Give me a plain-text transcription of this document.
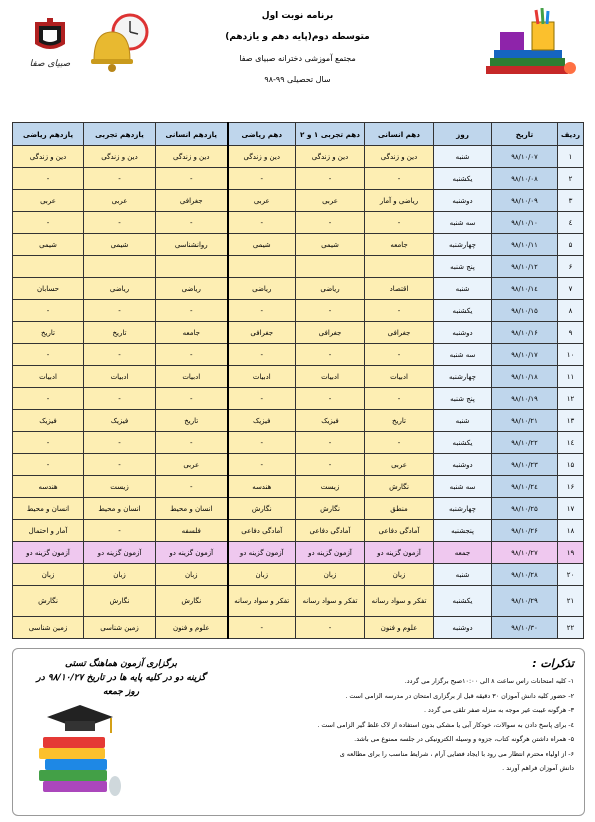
صبیای صفا
برنامه نوبت اول
متوسطه دوم(پایه دهم و یازدهم)
مجتمع آموزشی دخترانه صبیای صفا
سال تحصیلی ۹۹-۹۸
ردیف	تاریخ	روز	دهم انسانی	دهم تجربی ۱ و ۲	دهم ریاضی	یازدهم انسانی	یازدهم تجربی	یازدهم ریاضی
۱	۹۸/۱۰/۰۷	شنبه	دین و زندگی	دین و زندگی	دین و زندگی	دین و زندگی	دین و زندگی	دین و زندگی
۲	۹۸/۱۰/۰۸	یکشنبه	-	-	-	-	-	-
۳	۹۸/۱۰/۰۹	دوشنبه	ریاضی و آمار	عربی	عربی	جغرافی	عربی	عربی
٤	۹۸/۱۰/۱۰	سه شنبه	-	-	-	-	-	-
۵	۹۸/۱۰/۱۱	چهارشنبه	جامعه	شیمی	شیمی	روانشناسی	شیمی	شیمی
۶	۹۸/۱۰/۱۲	پنج شنبه						
۷	۹۸/۱۰/۱٤	شنبه	اقتصاد	ریاضی	ریاضی	ریاضی	ریاضی	حسابان
۸	۹۸/۱۰/۱۵	یکشنبه	-	-	-	-	-	-
۹	۹۸/۱۰/۱۶	دوشنبه	جغرافی	جغرافی	جغرافی	جامعه	تاریخ	تاریخ
۱۰	۹۸/۱۰/۱۷	سه شنبه	-	-	-	-	-	-
۱۱	۹۸/۱۰/۱۸	چهارشنبه	ادبیات	ادبیات	ادبیات	ادبیات	ادبیات	ادبیات
۱۲	۹۸/۱۰/۱۹	پنج شنبه	-	-	-	-	-	-
۱۳	۹۸/۱۰/۲۱	شنبه	تاریخ	فیزیک	فیزیک	تاریخ	فیزیک	فیزیک
۱٤	۹۸/۱۰/۲۲	یکشنبه	-	-	-	-	-	-
۱۵	۹۸/۱۰/۲۳	دوشنبه	عربی	-	-	عربی	-	-
۱۶	۹۸/۱۰/۲٤	سه شنبه	نگارش	زیست	هندسه	-	زیست	هندسه
۱۷	۹۸/۱۰/۲۵	چهارشنبه	منطق	نگارش	نگارش	انسان و محیط	انسان و محیط	انسان و محیط
۱۸	۹۸/۱۰/۲۶	پنجشنبه	آمادگی دفاعی	آمادگی دفاعی	آمادگی دفاعی	فلسفه	-	آمار و احتمال
۱۹	۹۸/۱۰/۲۷	جمعه	آزمون گزینه دو	آزمون گزینه دو	آزمون گزینه دو	آزمون گزینه دو	آزمون گزینه دو	آزمون گزینه دو
۲۰	۹۸/۱۰/۲۸	شنبه	زبان	زبان	زبان	زبان	زبان	زبان
۲۱	۹۸/۱۰/۲۹	یکشنبه	تفکر و سواد رسانه	تفکر و سواد رسانه	تفکر و سواد رسانه	نگارش	نگارش	نگارش
۲۲	۹۸/۱۰/۳۰	دوشنبه	علوم و فنون	-	-	علوم و فنون	زمین شناسی	زمین شناسی
تذکرات :
۱- کلیه امتحانات راس ساعت ۸ الی ۱۰:۰۰صبح برگزار می گردد.
۲- حضور کلیه دانش آموزان ۳۰ دقیقه قبل از برگزاری امتحان در مدرسه الزامی است .
۳- هرگونه غیبت غیر موجه به منزله صفر تلقی می گردد .
٤- برای پاسخ دادن به سوالات، خودکار آبی یا مشکی بدون استفاده از لاک غلط گیر الزامی است .
۵- همراه داشتن هرگونه کتاب، جزوه و وسیله الکترونیکی در جلسه ممنوع می باشد.
۶- از اولیاء محترم انتظار می رود با ایجاد فضایی آرام ، شرایط مناسب را برای مطالعه ی
دانش آموزان فراهم آورند .
برگزاری آزمون هماهنگ تستی
گزینه دو در کلیه پایه ها در تاریخ ۹۸/۱۰/۲۷ در
روز جمعه
